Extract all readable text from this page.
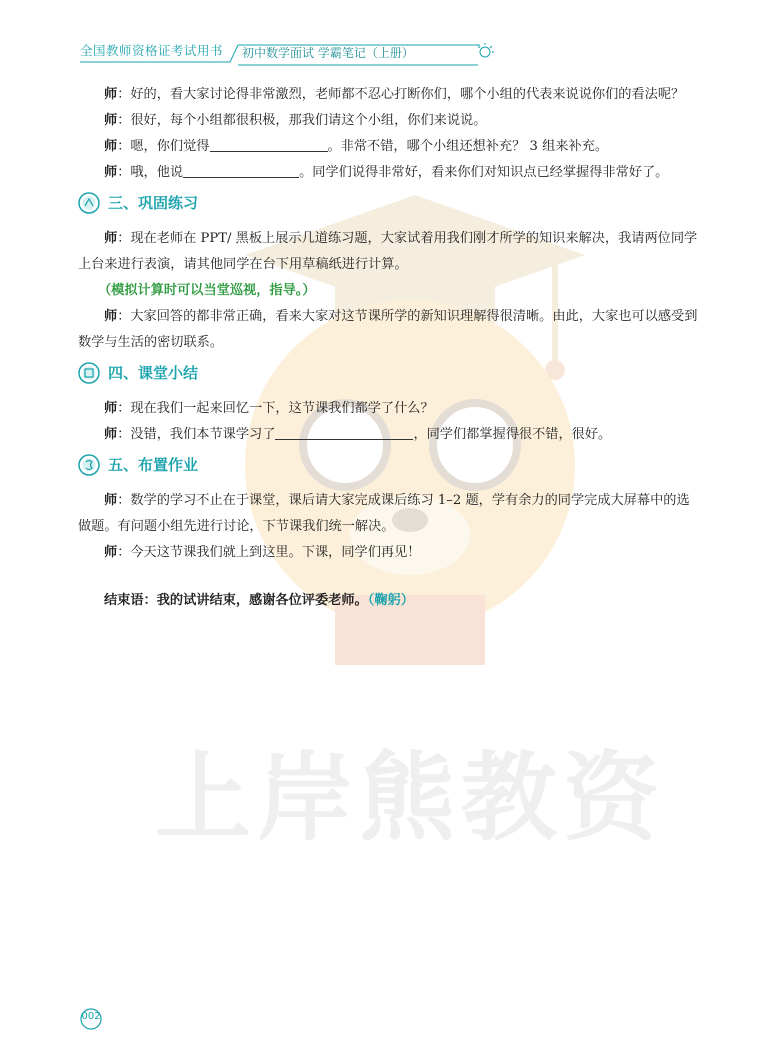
全国教师资格证考试用书 初中数学面试 学霸笔记（上册）
上岸熊教资

师：好的，看大家讨论得非常激烈，老师都不忍心打断你们，哪个小组的代表来说说你们的看法呢？

师：很好，每个小组都很积极，那我们请这个小组，你们来说说。

师：嗯，你们觉得	。非常不错，哪个小组还想补充？ 3 组来补充。

师：哦，他说	。同学们说得非常好，看来你们对知识点已经掌握得非常好了。

三、巩固练习

师：现在老师在 PPT/ 黑板上展示几道练习题，大家试着用我们刚才所学的知识来解决，我请两位同学上台来进行表演，请其他同学在台下用草稿纸进行计算。

（模拟计算时可以当堂巡视，指导。）

师：大家回答的都非常正确，看来大家对这节课所学的新知识理解得很清晰。由此，大家也可以感受到数学与生活的密切联系。

四、课堂小结

师：现在我们一起来回忆一下，这节课我们都学了什么？

师：没错，我们本节课学习了	，同学们都掌握得很不错，很好。

五、布置作业

师：数学的学习不止在于课堂，课后请大家完成课后练习 1–2 题，学有余力的同学完成大屏幕中的选做题。有问题小组先进行讨论，下节课我们统一解决。

师：今天这节课我们就上到这里。下课，同学们再见！

结束语：我的试讲结束，感谢各位评委老师。（鞠躬）

002
